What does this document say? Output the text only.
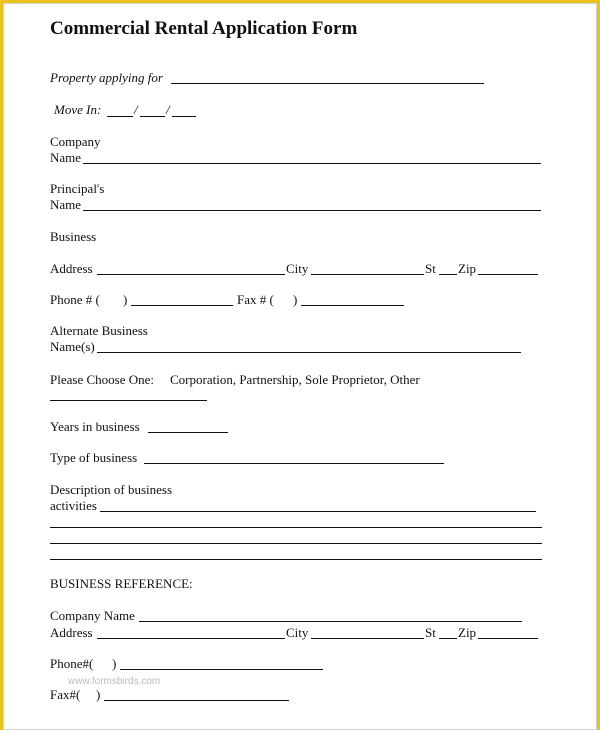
Commercial Rental Application Form
Property applying for
Move In:	/ /
Company
Name
Principal's
Name
Business
Address	City	St Zip
Phone # ( )	Fax # ( )
Alternate Business
Name(s)
Please Choose One: Corporation, Partnership, Sole Proprietor, Other
Years in business
Type of business
Description of business
activities
BUSINESS REFERENCE:
Company Name
Address	City	St Zip
Phone#( )
www.formsbirds.com
Fax#( )
